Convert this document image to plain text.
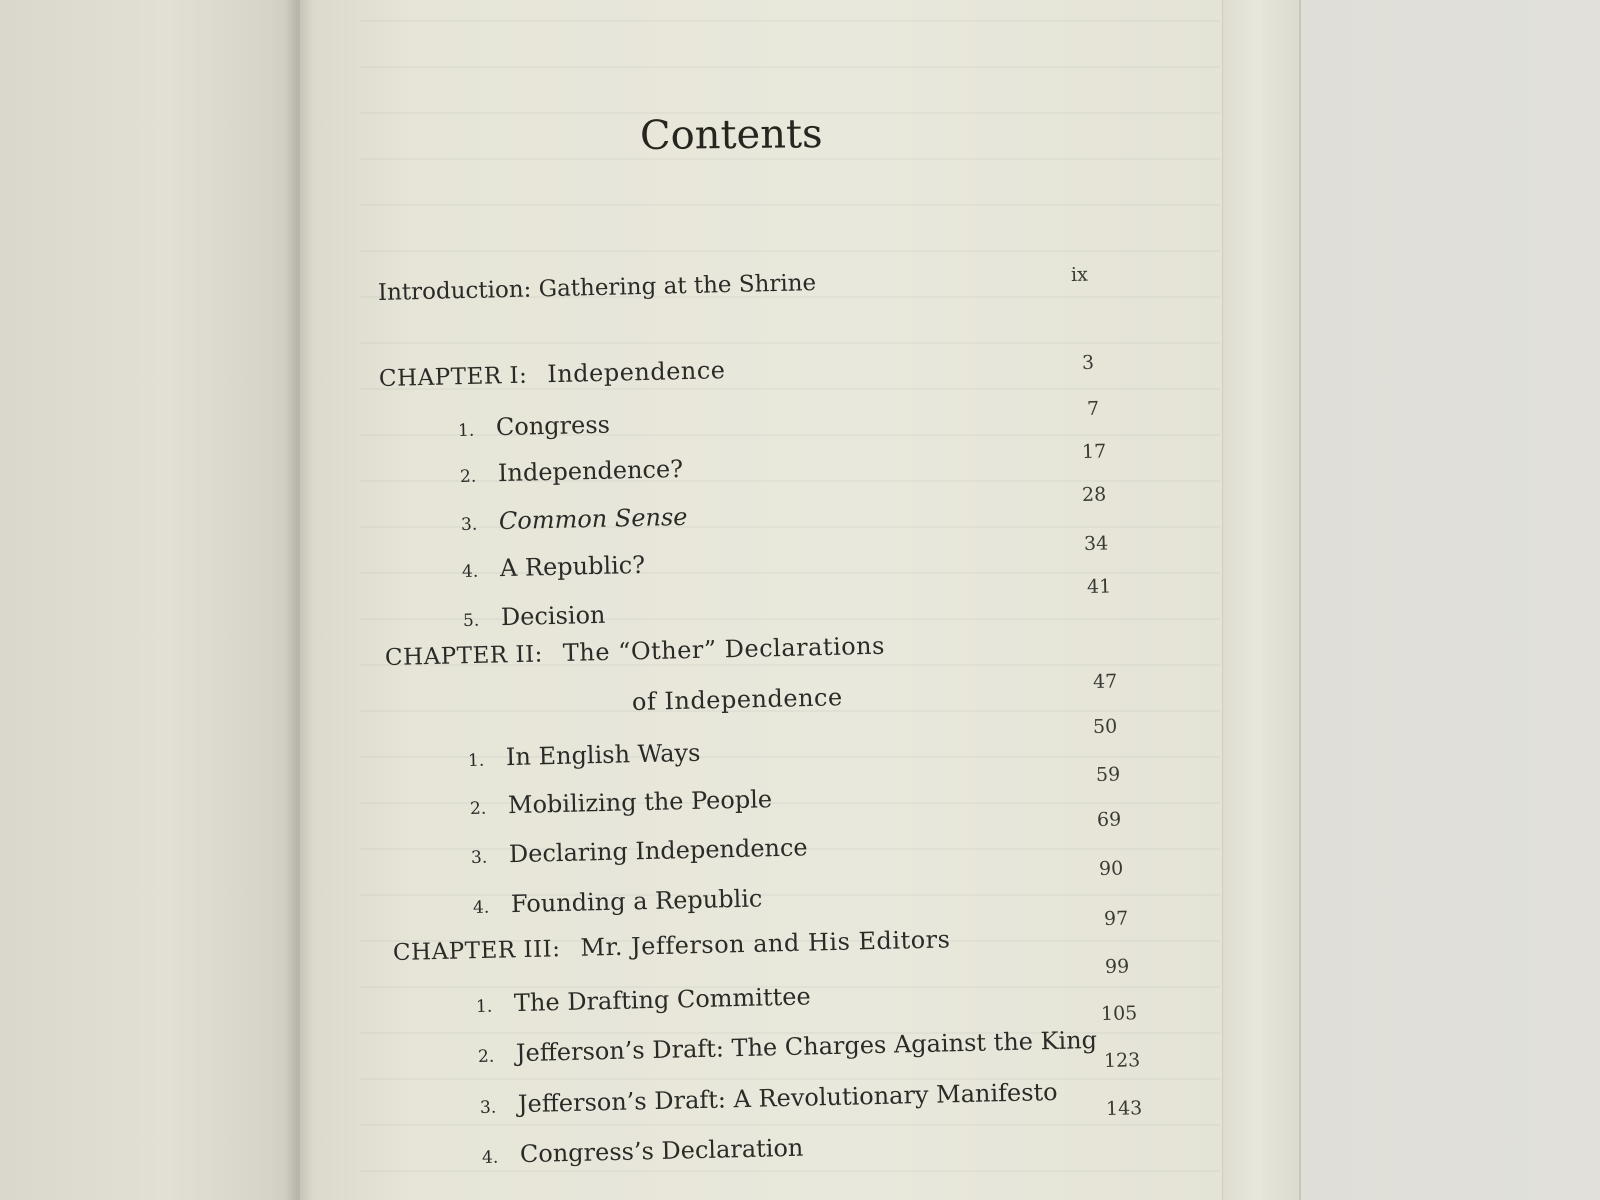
Contents
Introduction: Gathering at the Shrine	ix
CHAPTER I: Independence	3
1. Congress
7
2. Independence?
17
3. Common Sense
28
4. A Republic?
34
5. Decision
41
CHAPTER II: The “Other” Declarations
of Independence
47
1. In English Ways
50
2. Mobilizing the People
59
3. Declaring Independence
69
4. Founding a Republic
90
CHAPTER III: Mr. Jefferson and His Editors
97
1. The Drafting Committee
99
2. Jefferson’s Draft: The Charges Against the King
105
3. Jefferson’s Draft: A Revolutionary Manifesto
123
4. Congress’s Declaration
143
